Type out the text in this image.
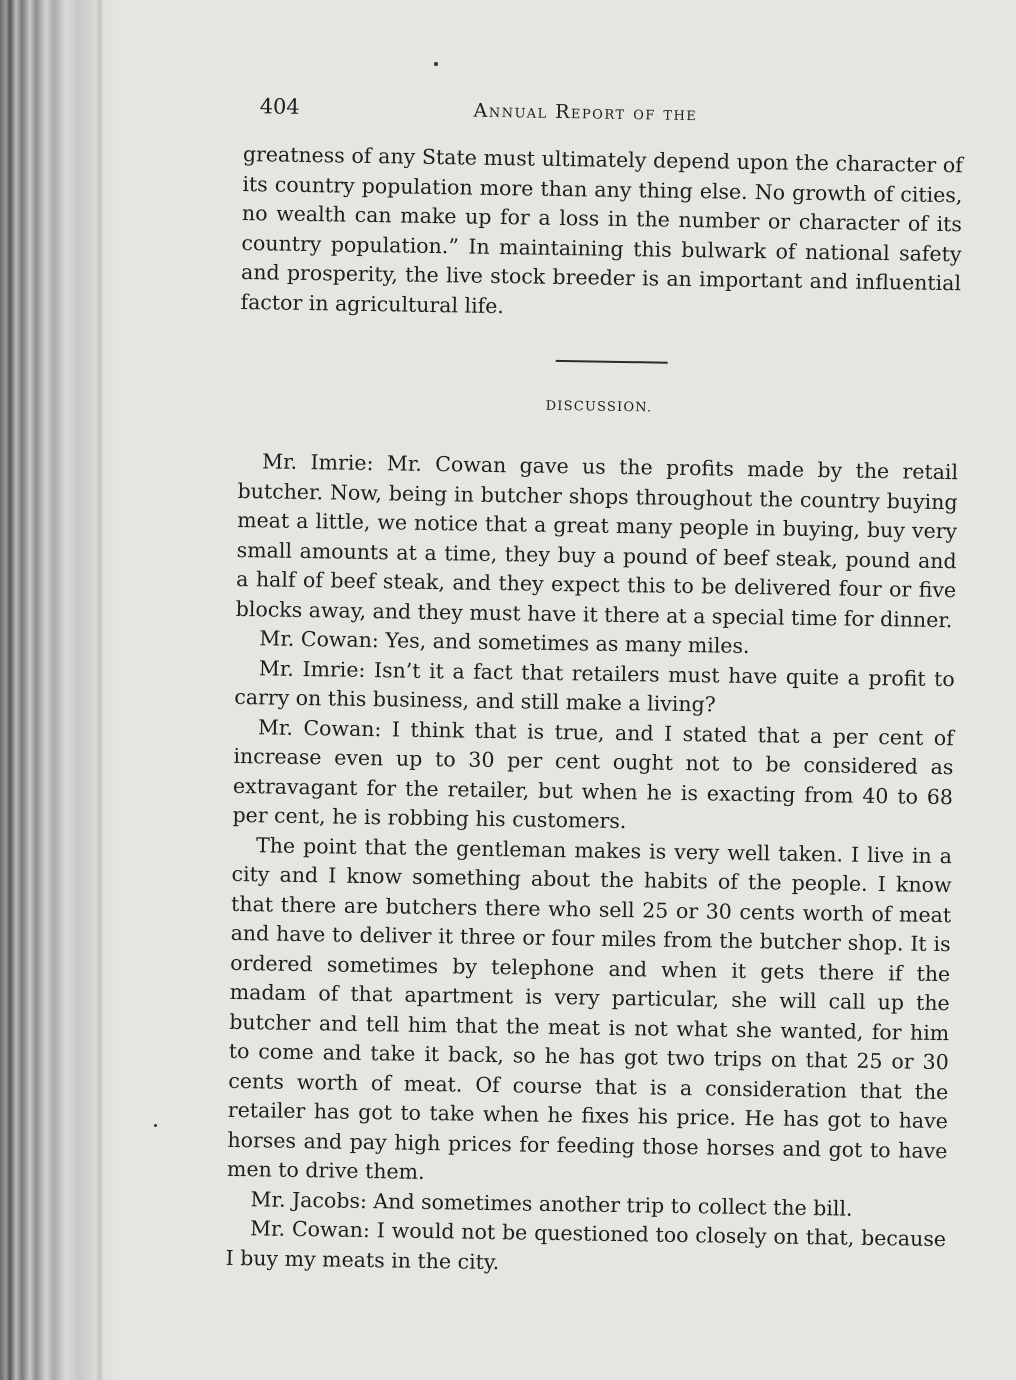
404	Annual Report of the

greatness of any State must ultimately depend upon the character of its country population more than any thing else. No growth of cities, no wealth can make up for a loss in the number or character of its country population.” In maintaining this bulwark of national safety and prosperity, the live stock breeder is an important and influential factor in agricultural life.

DISCUSSION.

Mr. Imrie: Mr. Cowan gave us the profits made by the retail butcher. Now, being in butcher shops throughout the country buying meat a little, we notice that a great many people in buying, buy very small amounts at a time, they buy a pound of beef steak, pound and a half of beef steak, and they expect this to be delivered four or five blocks away, and they must have it there at a special time for dinner.

Mr. Cowan: Yes, and sometimes as many miles.

Mr. Imrie: Isn’t it a fact that retailers must have quite a profit to carry on this business, and still make a living?

Mr. Cowan: I think that is true, and I stated that a per cent of increase even up to 30 per cent ought not to be considered as extravagant for the retailer, but when he is exacting from 40 to 68 per cent, he is robbing his customers.

The point that the gentleman makes is very well taken. I live in a city and I know something about the habits of the people. I know that there are butchers there who sell 25 or 30 cents worth of meat and have to deliver it three or four miles from the butcher shop. It is ordered sometimes by telephone and when it gets there if the madam of that apartment is very particular, she will call up the butcher and tell him that the meat is not what she wanted, for him to come and take it back, so he has got two trips on that 25 or 30 cents worth of meat. Of course that is a consideration that the retailer has got to take when he fixes his price. He has got to have horses and pay high prices for feeding those horses and got to have men to drive them.

Mr. Jacobs: And sometimes another trip to collect the bill.

Mr. Cowan: I would not be questioned too closely on that, because I buy my meats in the city.
